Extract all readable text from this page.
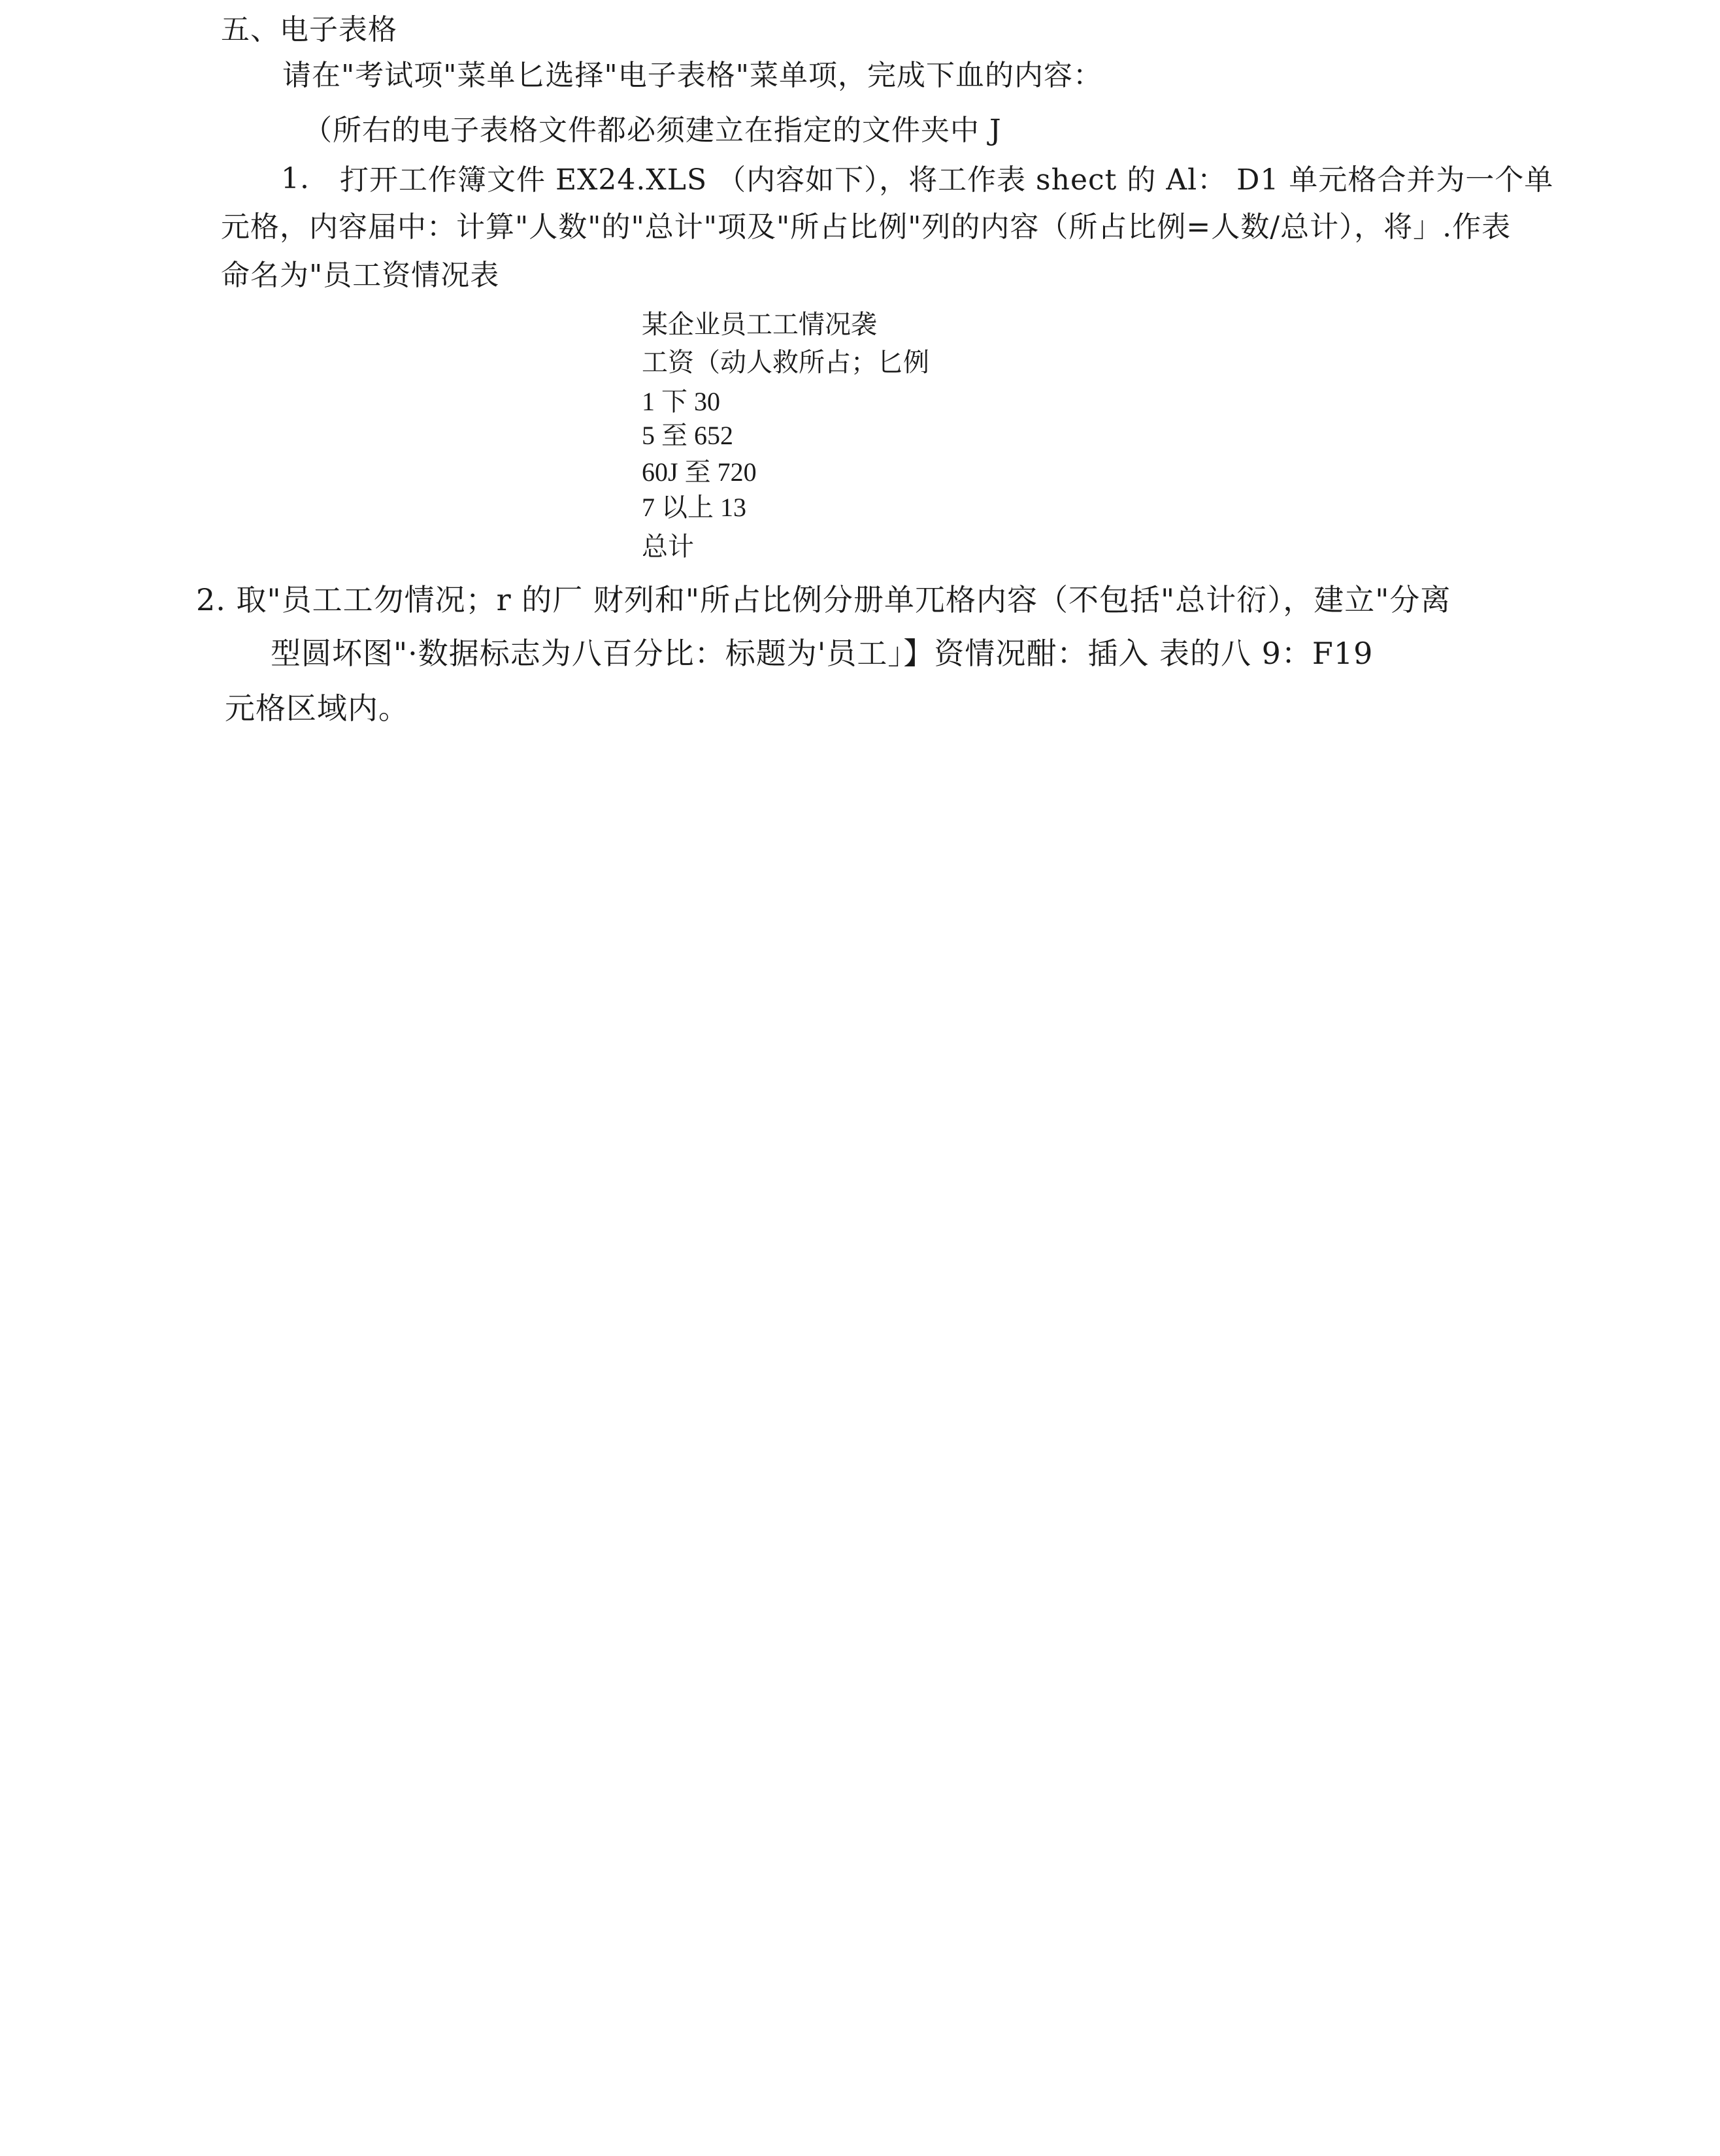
五、电子表格
请在"考试项"菜单匕选择"电子表格"菜单项，完成下血的内容：
（所右的电子表格文件都必须建立在指定的文件夹中 J
1. 打开工作簿文件 EX24.XLS （内容如下），将工作表 shect 的 Al： D1 单元格合并为一个单
元格，内容届中：计算"人数"的"总计"项及"所占比例"列的内容（所占比例=人数/总计），将」.作表
命名为"员工资情况表
某企业员工工情况袭
工资（动人救所占；匕例
1 下 30
5 至 652
60J 至 720
7 以上 13
总计
2. 取"员工工勿情况；r 的厂 财列和"所占比例分册单兀格内容（不包括"总计衍），建立"分离
型圆坏图"·数据标志为八百分比：标题为'员工」】资情况酣：插入 表的八 9：F19
元格区域内。
